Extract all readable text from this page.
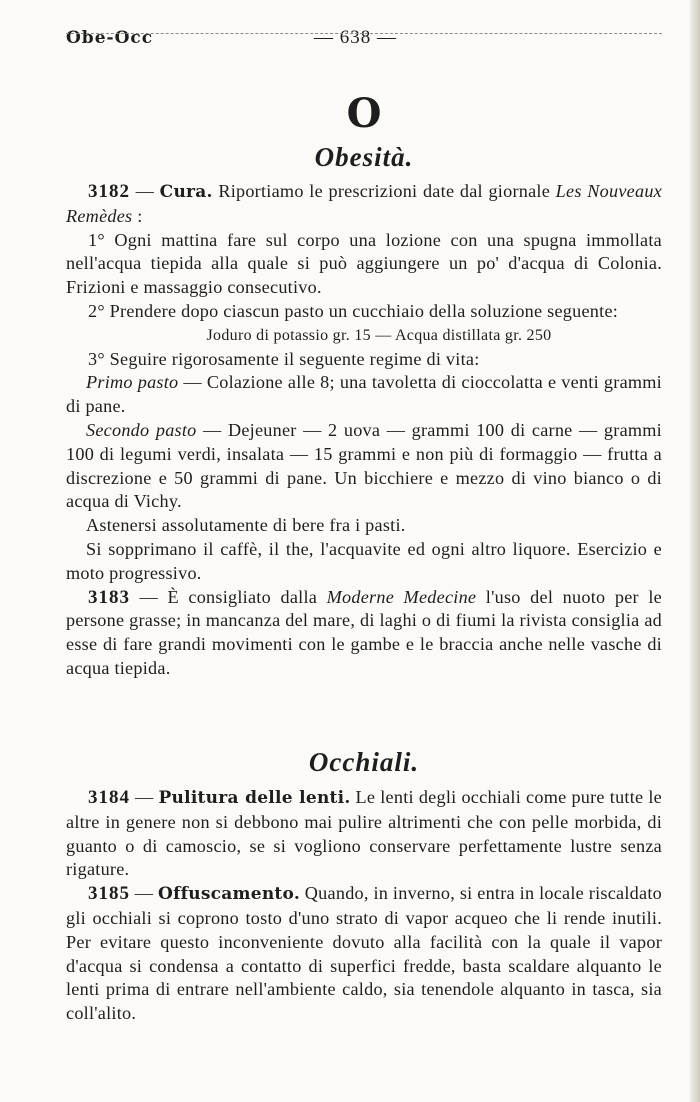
Obe-Occ	— 638 —
O
Obesità.

3182 — Cura. Riportiamo le prescrizioni date dal giornale Les Nouveaux Remèdes :

1° Ogni mattina fare sul corpo una lozione con una spugna immollata nell'acqua tiepida alla quale si può aggiungere un po' d'acqua di Colonia. Frizioni e massaggio consecutivo.

2° Prendere dopo ciascun pasto un cucchiaio della soluzione seguente:

Joduro di potassio gr. 15 — Acqua distillata gr. 250

3° Seguire rigorosamente il seguente regime di vita:

Primo pasto — Colazione alle 8; una tavoletta di cioccolatta e venti grammi di pane.

Secondo pasto — Dejeuner — 2 uova — grammi 100 di carne — grammi 100 di legumi verdi, insalata — 15 grammi e non più di formaggio — frutta a discrezione e 50 grammi di pane. Un bicchiere e mezzo di vino bianco o di acqua di Vichy.

Astenersi assolutamente di bere fra i pasti.

Si sopprimano il caffè, il the, l'acquavite ed ogni altro liquore. Esercizio e moto progressivo.

3183 — È consigliato dalla Moderne Medecine l'uso del nuoto per le persone grasse; in mancanza del mare, di laghi o di fiumi la rivista consiglia ad esse di fare grandi movimenti con le gambe e le braccia anche nelle vasche di acqua tiepida.

Occhiali.

3184 — Pulitura delle lenti. Le lenti degli occhiali come pure tutte le altre in genere non si debbono mai pulire altrimenti che con pelle morbida, di guanto o di camoscio, se si vogliono conservare perfettamente lustre senza rigature.

3185 — Offuscamento. Quando, in inverno, si entra in locale riscaldato gli occhiali si coprono tosto d'uno strato di vapor acqueo che li rende inutili. Per evitare questo inconveniente dovuto alla facilità con la quale il vapor d'acqua si condensa a contatto di superfici fredde, basta scaldare alquanto le lenti prima di entrare nell'ambiente caldo, sia tenendole alquanto in tasca, sia coll'alito.
